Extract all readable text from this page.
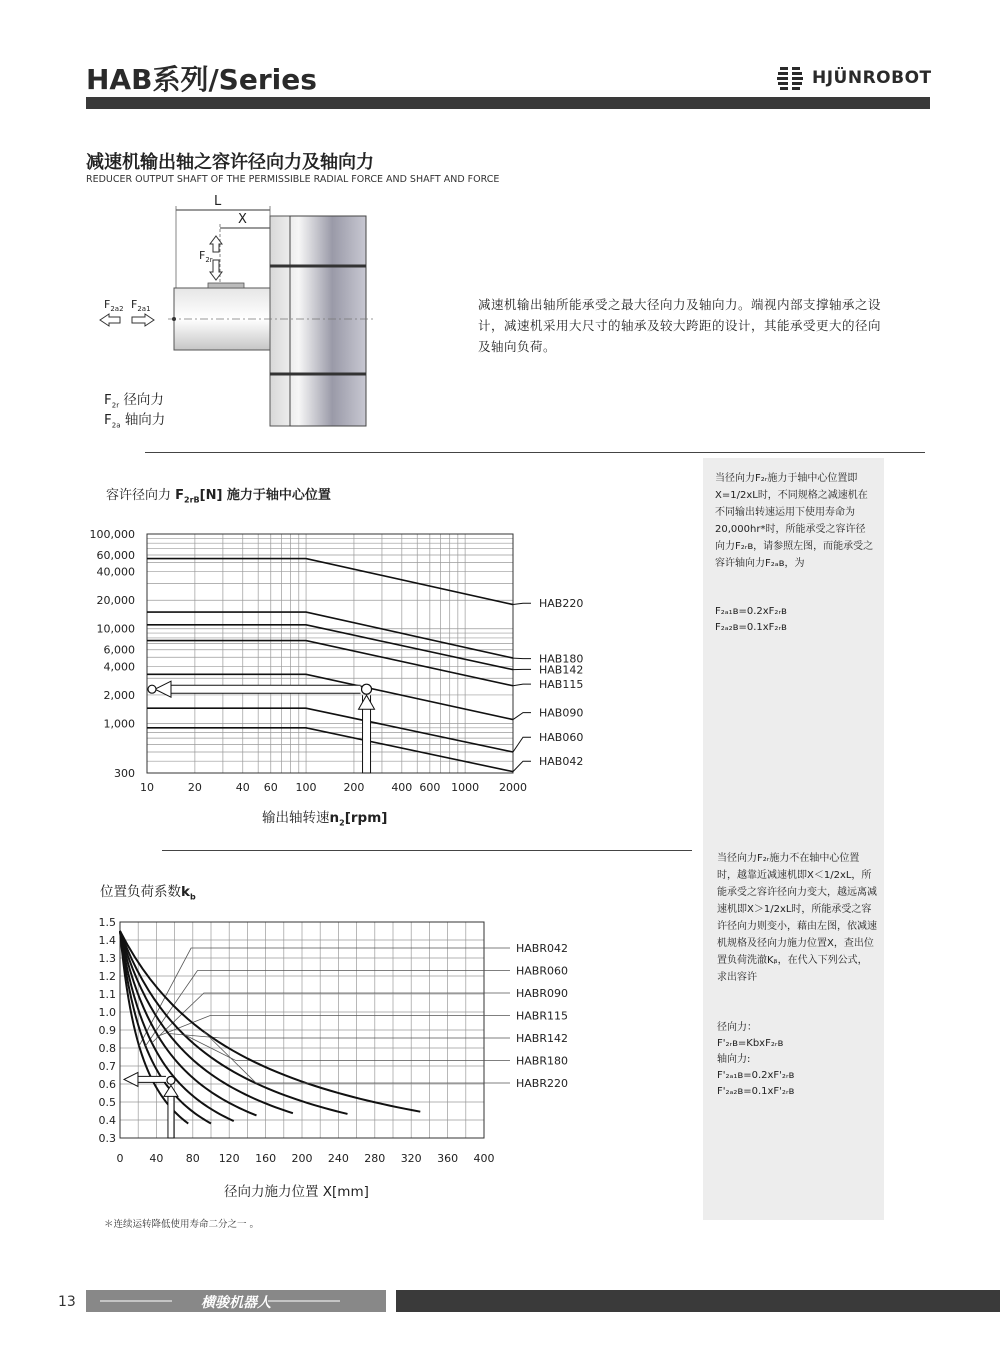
HAB系列/Series	HJÜNROBOT
减速机输出轴之容许径向力及轴向力
REDUCER OUTPUT SHAFT OF THE PERMISSIBLE RADIAL FORCE AND SHAFT AND FORCE
L
X
$F_{2r}$
$F_{2a2}$ $F_{2a1}$
$F_{2r}$ 径向力
$F_{2a}$ 轴向力
减速机输出轴所能承受之最大径向力及轴向力。端视内部支撑轴承之设计，减速机采用大尺寸的轴承及较大跨距的设计，其能承受更大的径向及轴向负荷。
当径向力F₂ᵣ施力于轴中心位置即X=1/2xL时，不同规格之减速机在不同输出转速运用下使用寿命为20,000hr*时，所能承受之容许径向力F₂ᵣʙ，请参照左图，而能承受之容许轴向力F₂ₐʙ，为
F₂ₐ₁ʙ=0.2xF₂ᵣʙ
F₂ₐ₂ʙ=0.1xF₂ᵣʙ
当径向力F₂ᵣ施力不在轴中心位置时，越靠近减速机即X＜1/2xL，所能承受之容许径向力变大，越远离减速机即X＞1/2xL时，所能承受之容许径向力则变小，藉由左图，依减速机规格及径向力施力位置X，查出位置负荷洗澈Kᵦ，在代入下列公式，求出容许
径向力：
F'₂ᵣʙ=KbxF₂ᵣʙ
轴向力:
F'₂ₐ₁ʙ=0.2xF'₂ᵣʙ
F'₂ₐ₂ʙ=0.1xF'₂ᵣʙ
容许径向力 $F_{2rB}[N]$ 施力于轴中心位置
10	20	40 60 100 200 400 600 1000 2000
100,000
60,000
40,000
20,000
10,000
6,000
4,000
2,000
1,000
300
HAB220
HAB180
HAB142
HAB115
HAB090
HAB060
HAB042
输出轴转速$n_2[rpm]$
位置负荷系数$k_b$
0 40 80 120 160 200 240 280 320 360 400
1.5
1.4
1.3
1.2
1.1
1.0
0.9
0.8
0.7
0.6
0.5
0.4
0.3
HABR042
HABR060
HABR090
HABR115
HABR142
HABR180
HABR220
径向力施力位置 X[mm]
＊连续运转降低使用寿命二分之一 。
13	横骏机器人
